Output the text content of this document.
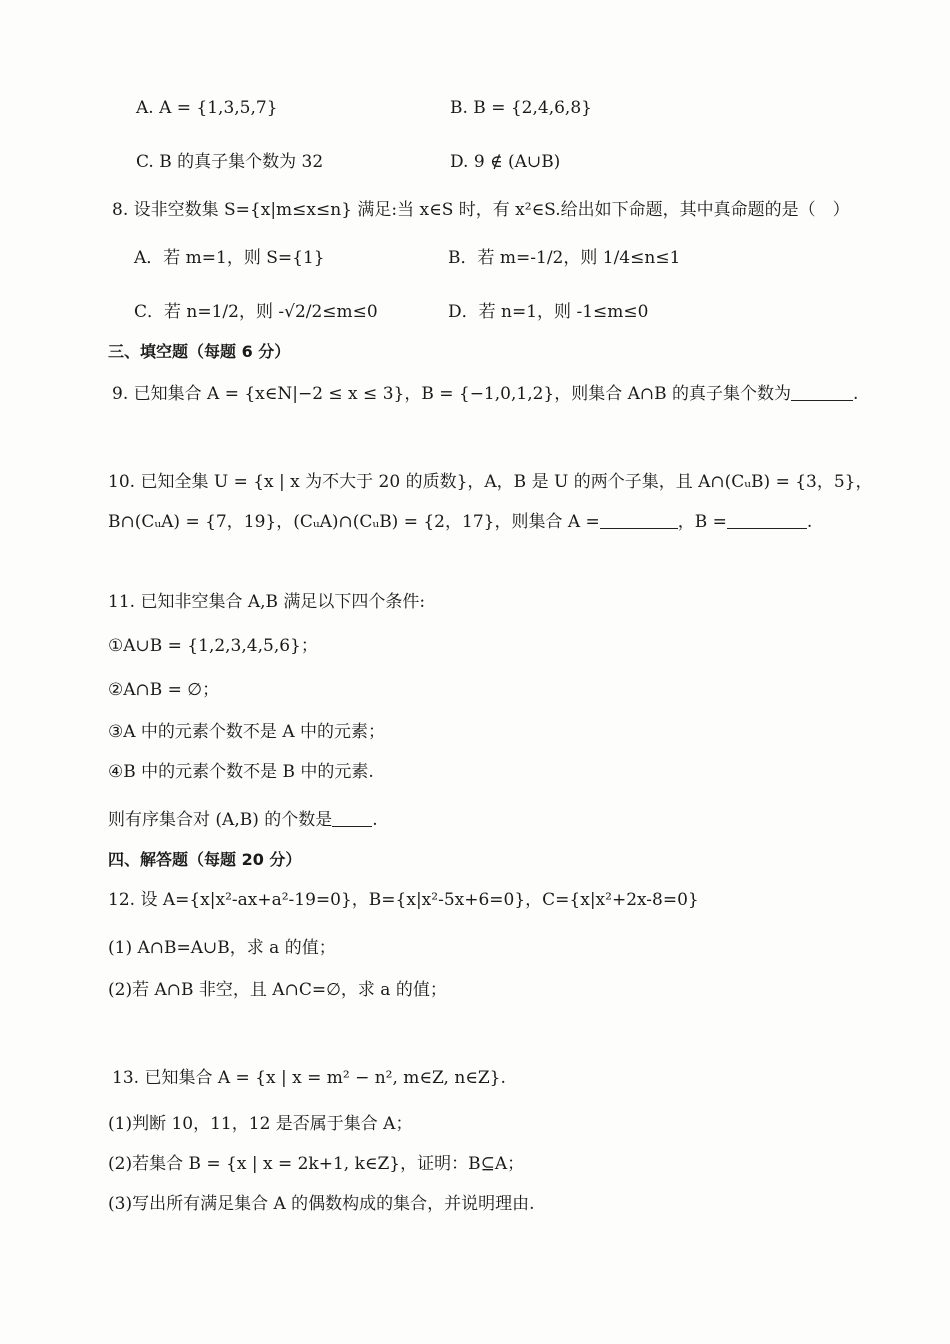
A. A = {1,3,5,7}	B. B = {2,4,6,8}
C. B 的真子集个数为 32	D. 9 ∉ (A∪B)
8. 设非空数集 S={x|m≤x≤n} 满足:当 x∈S 时，有 x²∈S.给出如下命题，其中真命题的是（　）
A．若 m=1，则 S={1}	B．若 m=-1/2，则 1/4≤n≤1
C．若 n=1/2，则 -√2/2≤m≤0	D．若 n=1，则 -1≤m≤0
三、填空题（每题 6 分）
9. 已知集合 A = {x∈N|−2 ≤ x ≤ 3}，B = {−1,0,1,2}，则集合 A∩B 的真子集个数为	.
10. 已知全集 U = {x | x 为不大于 20 的质数}，A，B 是 U 的两个子集，且 A∩(CᵤB) = {3，5}，
B∩(CᵤA) = {7，19}，(CᵤA)∩(CᵤB) = {2，17}，则集合 A =	，B =	.
11. 已知非空集合 A,B 满足以下四个条件:
①A∪B = {1,2,3,4,5,6}；
②A∩B = ∅；
③A 中的元素个数不是 A 中的元素；
④B 中的元素个数不是 B 中的元素.
则有序集合对 (A,B) 的个数是 .
四、解答题（每题 20 分）
12. 设 A={x|x²-ax+a²-19=0}，B={x|x²-5x+6=0}，C={x|x²+2x-8=0}
(1) A∩B=A∪B，求 a 的值；
(2)若 A∩B 非空，且 A∩C=∅，求 a 的值；
13. 已知集合 A = {x | x = m² − n², m∈Z, n∈Z}.
(1)判断 10，11，12 是否属于集合 A；
(2)若集合 B = {x | x = 2k+1, k∈Z}，证明：B⊆A；
(3)写出所有满足集合 A 的偶数构成的集合，并说明理由.
